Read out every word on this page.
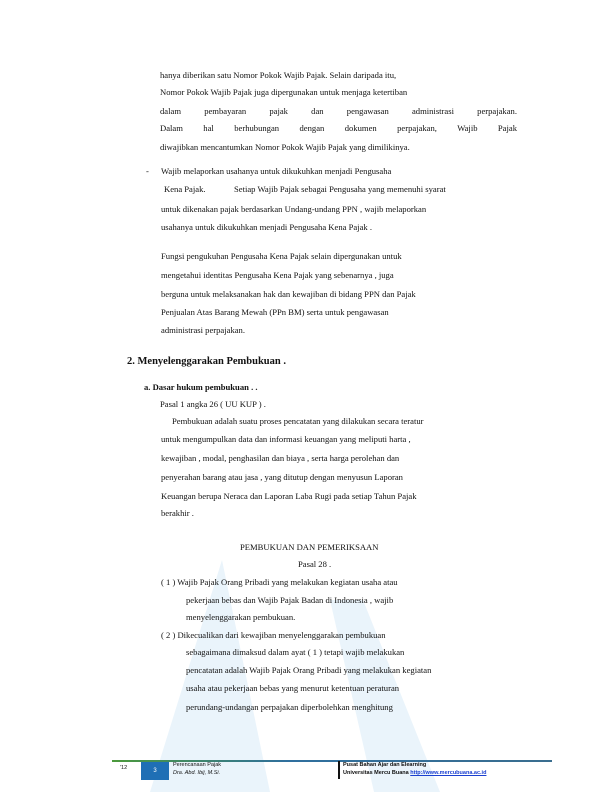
hanya diberikan satu Nomor Pokok Wajib Pajak. Selain daripada itu,
Nomor Pokok Wajib Pajak juga dipergunakan untuk menjaga ketertiban
dalam pembayaran pajak dan pengawasan administrasi perpajakan.
Dalam hal berhubungan dengan dokumen perpajakan, Wajib Pajak
diwajibkan mencantumkan Nomor Pokok Wajib Pajak yang dimilikinya.
- Wajib melaporkan usahanya untuk dikukuhkan menjadi Pengusaha
Kena Pajak.	Setiap Wajib Pajak sebagai Pengusaha yang memenuhi syarat
untuk dikenakan pajak berdasarkan Undang-undang PPN , wajib melaporkan
usahanya untuk dikukuhkan menjadi Pengusaha Kena Pajak .
Fungsi pengukuhan Pengusaha Kena Pajak selain dipergunakan untuk
mengetahui identitas Pengusaha Kena Pajak yang sebenarnya , juga
berguna untuk melaksanakan hak dan kewajiban di bidang PPN dan Pajak
Penjualan Atas Barang Mewah (PPn BM) serta untuk pengawasan
administrasi perpajakan.
2. Menyelenggarakan Pembukuan .
a. Dasar hukum pembukuan . .
Pasal 1 angka 26 ( UU KUP ) .
Pembukuan adalah suatu proses pencatatan yang dilakukan secara teratur
untuk mengumpulkan data dan informasi keuangan yang meliputi harta ,
kewajiban , modal, penghasilan dan biaya , serta harga perolehan dan
penyerahan barang atau jasa , yang ditutup dengan menyusun Laporan
Keuangan berupa Neraca dan Laporan Laba Rugi pada setiap Tahun Pajak
berakhir .
PEMBUKUAN DAN PEMERIKSAAN
Pasal 28 .
( 1 ) Wajib Pajak Orang Pribadi yang melakukan kegiatan usaha atau
pekerjaan bebas dan Wajib Pajak Badan di Indonesia , wajib
menyelenggarakan pembukuan.
( 2 ) Dikecualikan dari kewajiban menyelenggarakan pembukuan
sebagaimana dimaksud dalam ayat ( 1 ) tetapi wajib melakukan
pencatatan adalah Wajib Pajak Orang Pribadi yang melakukan kegiatan
usaha atau pekerjaan bebas yang menurut ketentuan peraturan
perundang-undangan perpajakan diperbolehkan menghitung
'12	3
Perencanaan Pajak
Dra. Abd. Ibij, M.Si.
Pusat Bahan Ajar dan Elearning
Universitas Mercu Buana http://www.mercubuana.ac.id
